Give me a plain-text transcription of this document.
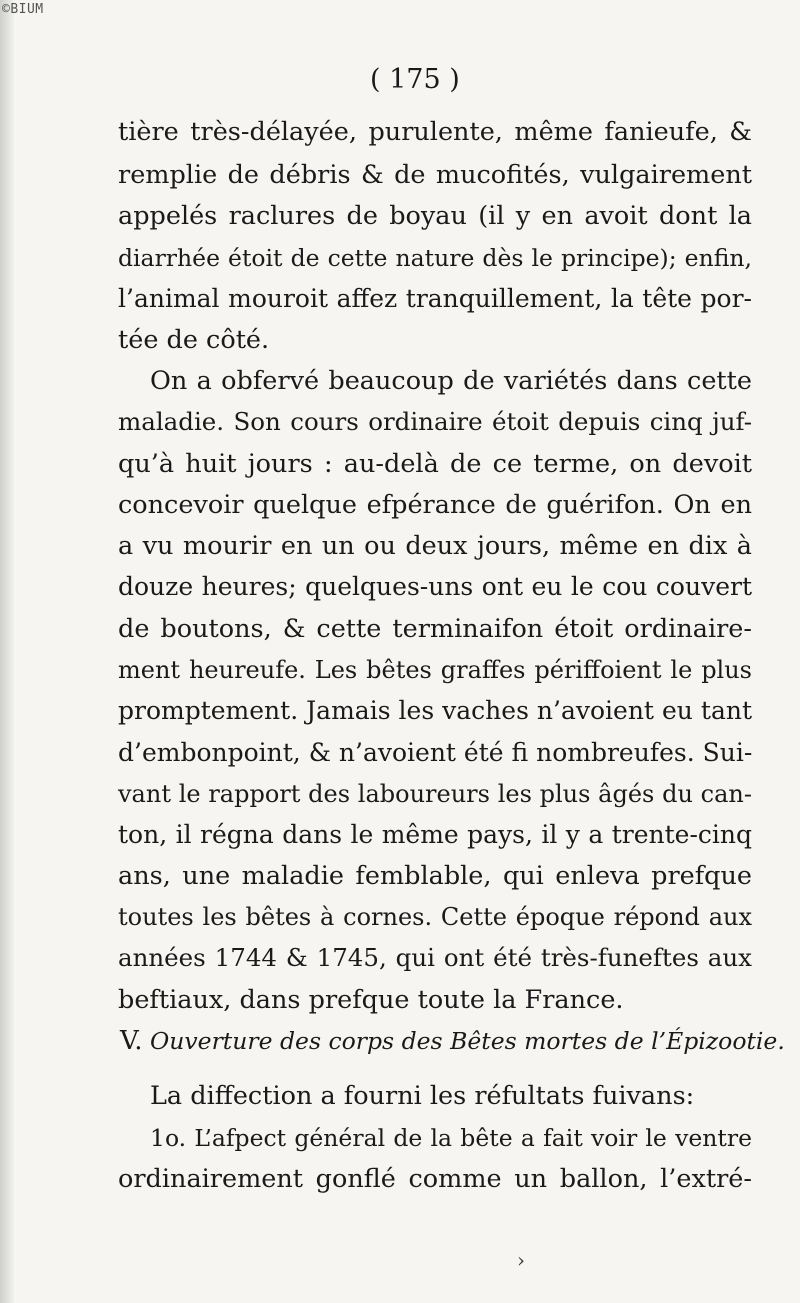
©BIUM
( 175 )
tière très-délayée, purulente, même fanieufe, &
remplie de débris & de mucofités, vulgairement
appelés raclures de boyau (il y en avoit dont la
diarrhée étoit de cette nature dès le principe); enfin,
l’animal mouroit affez tranquillement, la tête por-
tée de côté.
On a obfervé beaucoup de variétés dans cette
maladie. Son cours ordinaire étoit depuis cinq juf-
qu’à huit jours : au-delà de ce terme, on devoit
concevoir quelque efpérance de guérifon. On en
a vu mourir en un ou deux jours, même en dix à
douze heures; quelques-uns ont eu le cou couvert
de boutons, & cette terminaifon étoit ordinaire-
ment heureufe. Les bêtes graffes périffoient le plus
promptement. Jamais les vaches n’avoient eu tant
d’embonpoint, & n’avoient été fi nombreufes. Sui-
vant le rapport des laboureurs les plus âgés du can-
ton, il régna dans le même pays, il y a trente-cinq
ans, une maladie femblable, qui enleva prefque
toutes les bêtes à cornes. Cette époque répond aux
années 1744 & 1745, qui ont été très-funeftes aux
beftiaux, dans prefque toute la France.
V. Ouverture des corps des Bêtes mortes de l’Épizootie.
La diffection a fourni les réfultats fuivans:
1o. L’afpect général de la bête a fait voir le ventre
ordinairement gonflé comme un ballon, l’extré-
›
